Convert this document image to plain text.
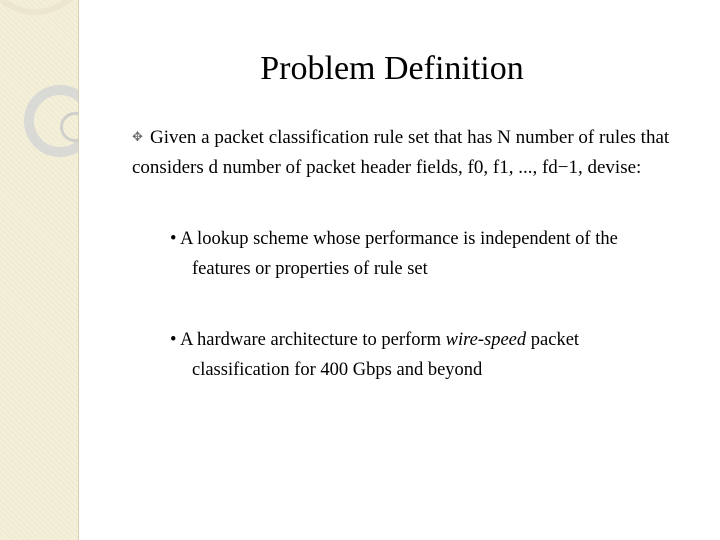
Problem Definition
✥ Given a packet classification rule set that has N number of rules that
considers d number of packet header fields, f0, f1, ..., fd−1, devise:
• A lookup scheme whose performance is independent of the
features or properties of rule set
• A hardware architecture to perform wire-speed packet
classification for 400 Gbps and beyond
